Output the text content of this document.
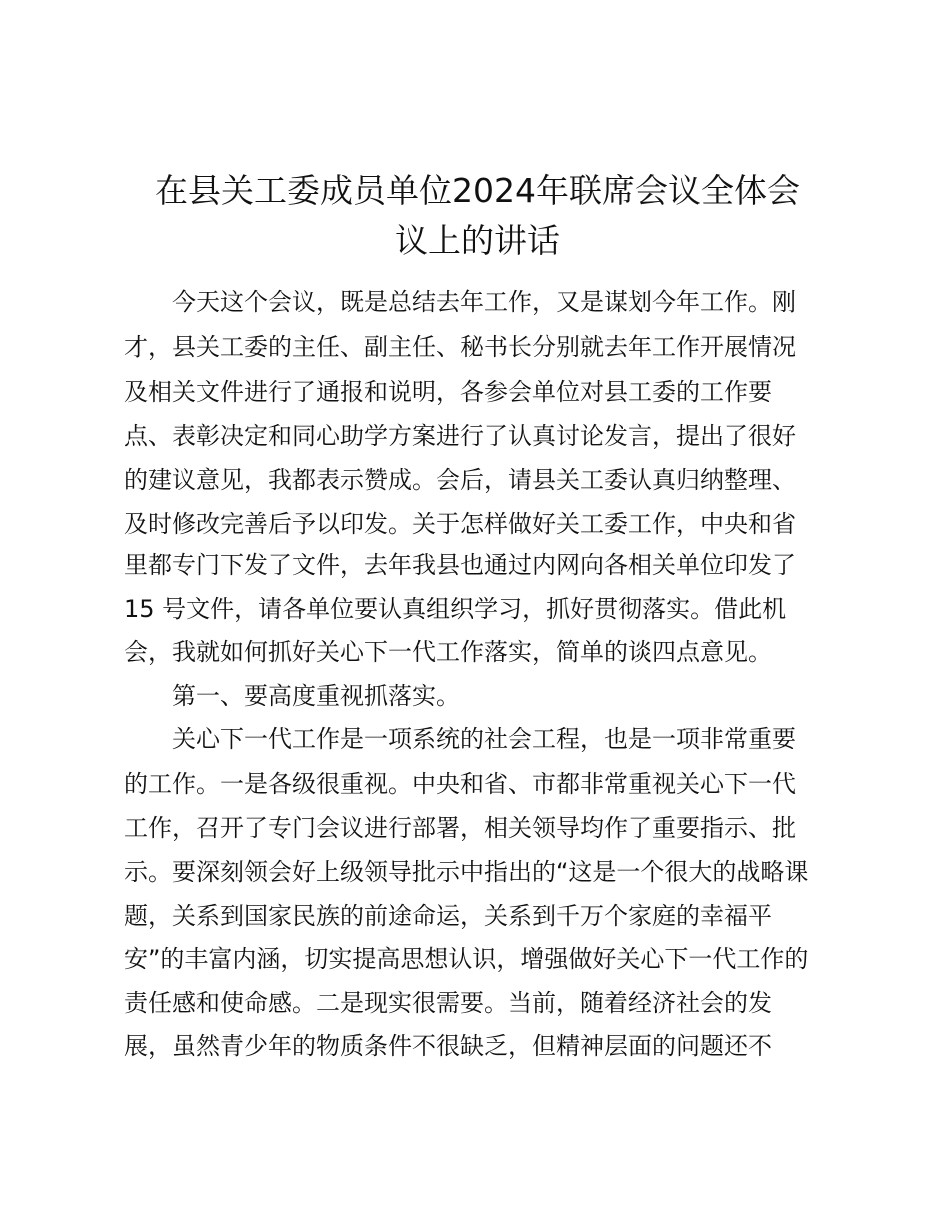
在县关工委成员单位2024年联席会议全体会
议上的讲话

今天这个会议，既是总结去年工作，又是谋划今年工作。刚

才，县关工委的主任、副主任、秘书长分别就去年工作开展情况

及相关文件进行了通报和说明，各参会单位对县工委的工作要

点、表彰决定和同心助学方案进行了认真讨论发言，提出了很好

的建议意见，我都表示赞成。会后，请县关工委认真归纳整理、

及时修改完善后予以印发。关于怎样做好关工委工作，中央和省

里都专门下发了文件，去年我县也通过内网向各相关单位印发了

15 号文件，请各单位要认真组织学习，抓好贯彻落实。借此机

会，我就如何抓好关心下一代工作落实，简单的谈四点意见。

第一、要高度重视抓落实。

关心下一代工作是一项系统的社会工程，也是一项非常重要

的工作。一是各级很重视。中央和省、市都非常重视关心下一代

工作，召开了专门会议进行部署，相关领导均作了重要指示、批

示。要深刻领会好上级领导批示中指出的“这是一个很大的战略课

题，关系到国家民族的前途命运，关系到千万个家庭的幸福平

安”的丰富内涵，切实提高思想认识，增强做好关心下一代工作的

责任感和使命感。二是现实很需要。当前，随着经济社会的发

展，虽然青少年的物质条件不很缺乏，但精神层面的问题还不
